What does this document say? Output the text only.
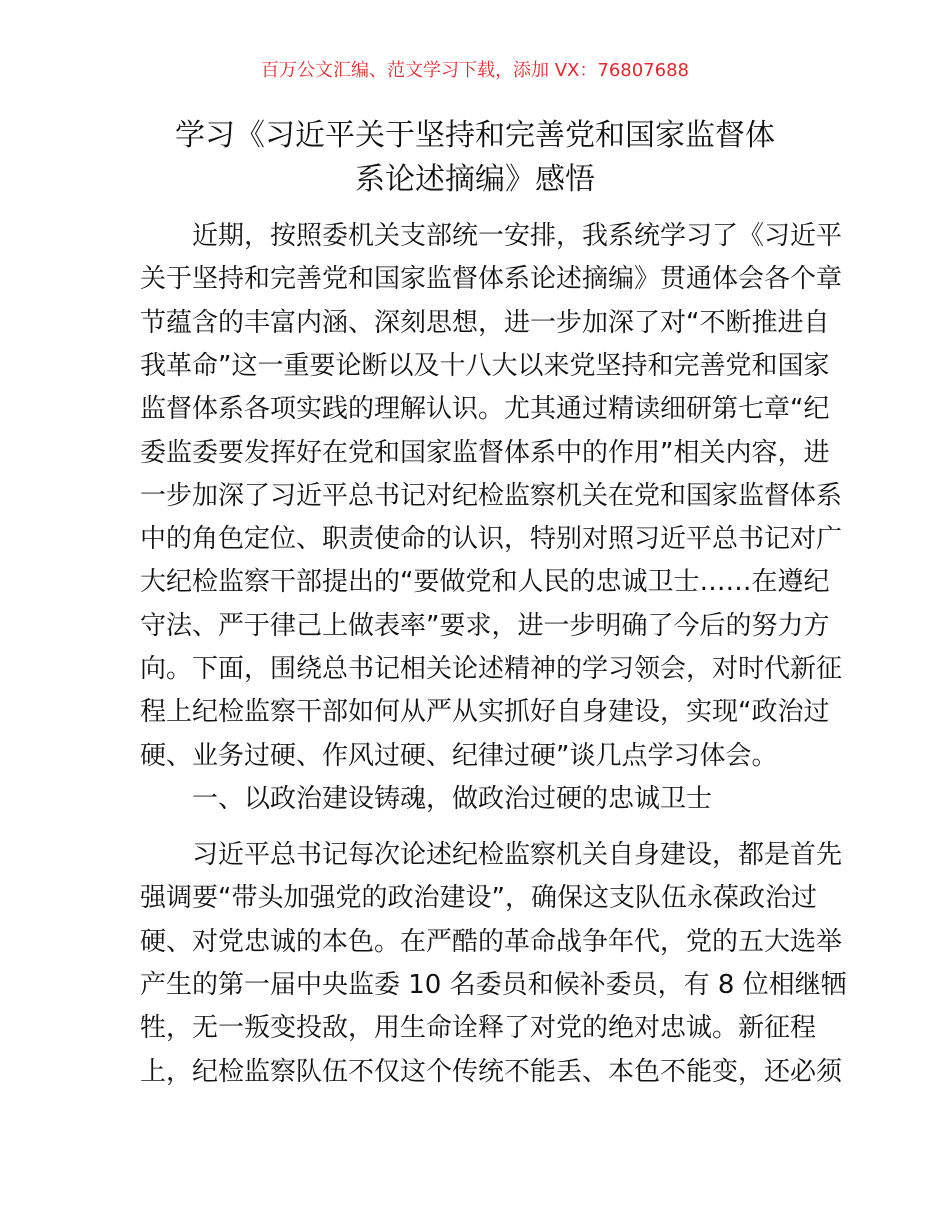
百万公文汇编、范文学习下载，添加 VX：76807688
学习《习近平关于坚持和完善党和国家监督体
系论述摘编》感悟
近期，按照委机关支部统一安排，我系统学习了《习近平
关于坚持和完善党和国家监督体系论述摘编》贯通体会各个章
节蕴含的丰富内涵、深刻思想，进一步加深了对“不断推进自
我革命”这一重要论断以及十八大以来党坚持和完善党和国家
监督体系各项实践的理解认识。尤其通过精读细研第七章“纪
委监委要发挥好在党和国家监督体系中的作用”相关内容，进
一步加深了习近平总书记对纪检监察机关在党和国家监督体系
中的角色定位、职责使命的认识，特别对照习近平总书记对广
大纪检监察干部提出的“要做党和人民的忠诚卫士……在遵纪
守法、严于律己上做表率”要求，进一步明确了今后的努力方
向。下面，围绕总书记相关论述精神的学习领会，对时代新征
程上纪检监察干部如何从严从实抓好自身建设，实现“政治过
硬、业务过硬、作风过硬、纪律过硬”谈几点学习体会。
一、以政治建设铸魂，做政治过硬的忠诚卫士
习近平总书记每次论述纪检监察机关自身建设，都是首先
强调要“带头加强党的政治建设”，确保这支队伍永葆政治过
硬、对党忠诚的本色。在严酷的革命战争年代，党的五大选举
产生的第一届中央监委 10 名委员和候补委员，有 8 位相继牺
牲，无一叛变投敌，用生命诠释了对党的绝对忠诚。新征程
上，纪检监察队伍不仅这个传统不能丢、本色不能变，还必须
